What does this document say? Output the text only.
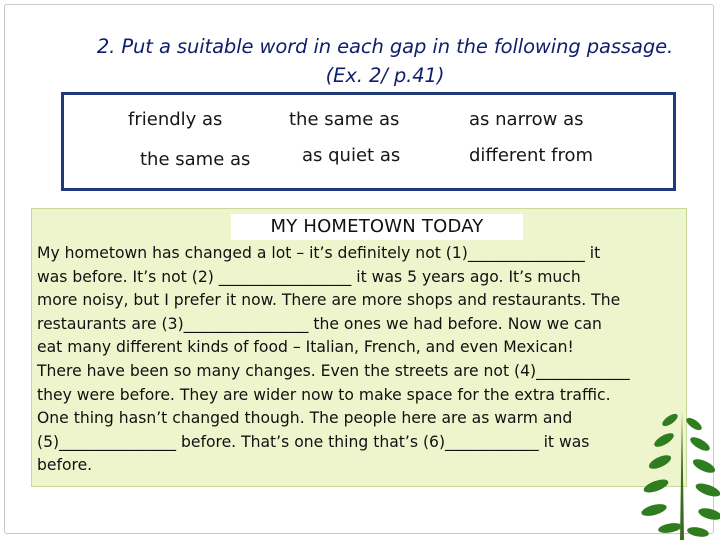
2. Put a suitable word in each gap in the following passage.
(Ex. 2/ p.41)
friendly as	the same as	as narrow as
the same as	as quiet as	different from
MY HOMETOWN TODAY
My hometown has changed a lot – it’s definitely not (1)_______________ it
was before. It’s not (2) _________________ it was 5 years ago. It’s much
more noisy, but I prefer it now. There are more shops and restaurants. The
restaurants are (3)________________ the ones we had before. Now we can
eat many different kinds of food – Italian, French, and even Mexican!
There have been so many changes. Even the streets are not (4)____________
they were before. They are wider now to make space for the extra traffic.
One thing hasn’t changed though. The people here are as warm and
(5)_______________ before. That’s one thing that’s (6)____________ it was
before.
